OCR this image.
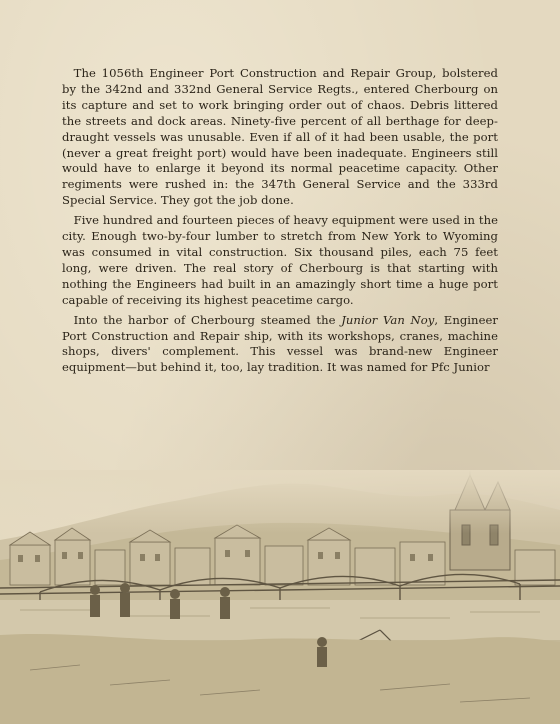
 The 1056th Engineer Port Construction and Repair Group, bolstered by the 342nd and 332nd General Service Regts., entered Cherbourg on its capture and set to work bringing order out of chaos. Debris littered the streets and dock areas. Ninety-five percent of all berthage for deep-draught vessels was unusable. Even if all of it had been usable, the port (never a great freight port) would have been inadequate. Engineers still would have to enlarge it beyond its normal peacetime capacity. Other regiments were rushed in: the 347th General Service and the 333rd Special Service. They got the job done.

 Five hundred and fourteen pieces of heavy equipment were used in the city. Enough two-by-four lumber to stretch from New York to Wyoming was consumed in vital construction. Six thousand piles, each 75 feet long, were driven. The real story of Cherbourg is that starting with nothing the Engineers had built in an amazingly short time a huge port capable of receiving its highest peacetime cargo.

 Into the harbor of Cherbourg steamed the Junior Van Noy, Engineer Port Construction and Repair ship, with its workshops, cranes, machine shops, divers' complement. This vessel was brand-new Engineer equipment—but behind it, too, lay tradition. It was named for Pfc Junior
